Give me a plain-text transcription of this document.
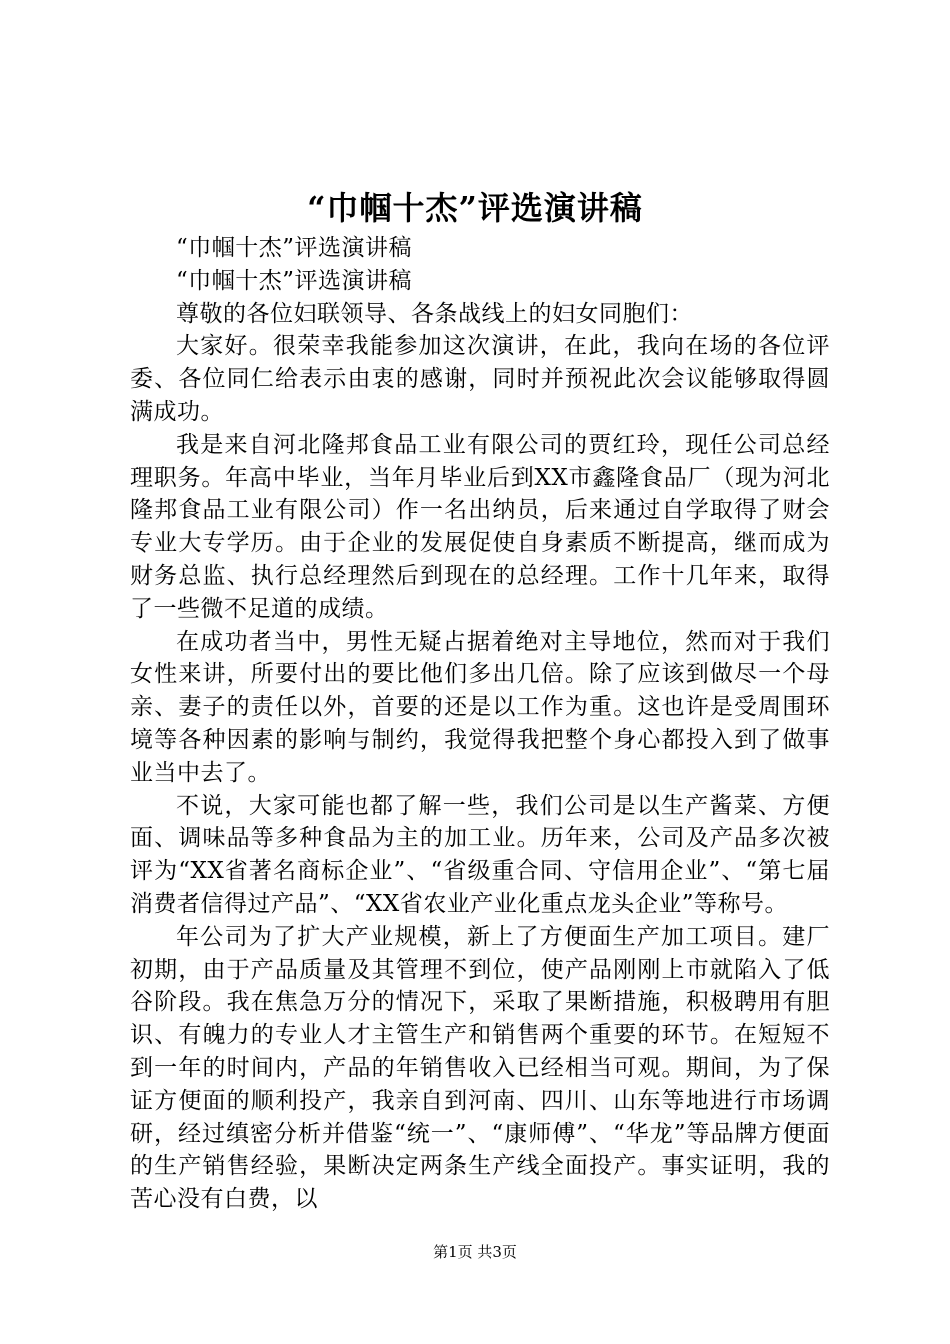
“巾帼十杰”评选演讲稿

“巾帼十杰”评选演讲稿

“巾帼十杰”评选演讲稿

尊敬的各位妇联领导、各条战线上的妇女同胞们：

大家好。很荣幸我能参加这次演讲，在此，我向在场的各位评委、各位同仁给表示由衷的感谢，同时并预祝此次会议能够取得圆满成功。

我是来自河北隆邦食品工业有限公司的贾红玲，现任公司总经理职务。年高中毕业，当年月毕业后到XX市鑫隆食品厂（现为河北隆邦食品工业有限公司）作一名出纳员，后来通过自学取得了财会专业大专学历。由于企业的发展促使自身素质不断提高，继而成为财务总监、执行总经理然后到现在的总经理。工作十几年来，取得了一些微不足道的成绩。

在成功者当中，男性无疑占据着绝对主导地位，然而对于我们女性来讲，所要付出的要比他们多出几倍。除了应该到做尽一个母亲、妻子的责任以外，首要的还是以工作为重。这也许是受周围环境等各种因素的影响与制约，我觉得我把整个身心都投入到了做事业当中去了。

不说，大家可能也都了解一些，我们公司是以生产酱菜、方便面、调味品等多种食品为主的加工业。历年来，公司及产品多次被评为“XX省著名商标企业”、“省级重合同、守信用企业”、“第七届消费者信得过产品”、“XX省农业产业化重点龙头企业”等称号。

年公司为了扩大产业规模，新上了方便面生产加工项目。建厂初期，由于产品质量及其管理不到位，使产品刚刚上市就陷入了低谷阶段。我在焦急万分的情况下，采取了果断措施，积极聘用有胆识、有魄力的专业人才主管生产和销售两个重要的环节。在短短不到一年的时间内，产品的年销售收入已经相当可观。期间，为了保证方便面的顺利投产，我亲自到河南、四川、山东等地进行市场调研，经过缜密分析并借鉴“统一”、“康师傅”、“华龙”等品牌方便面的生产销售经验，果断决定两条生产线全面投产。事实证明，我的苦心没有白费，以

第1页 共3页
